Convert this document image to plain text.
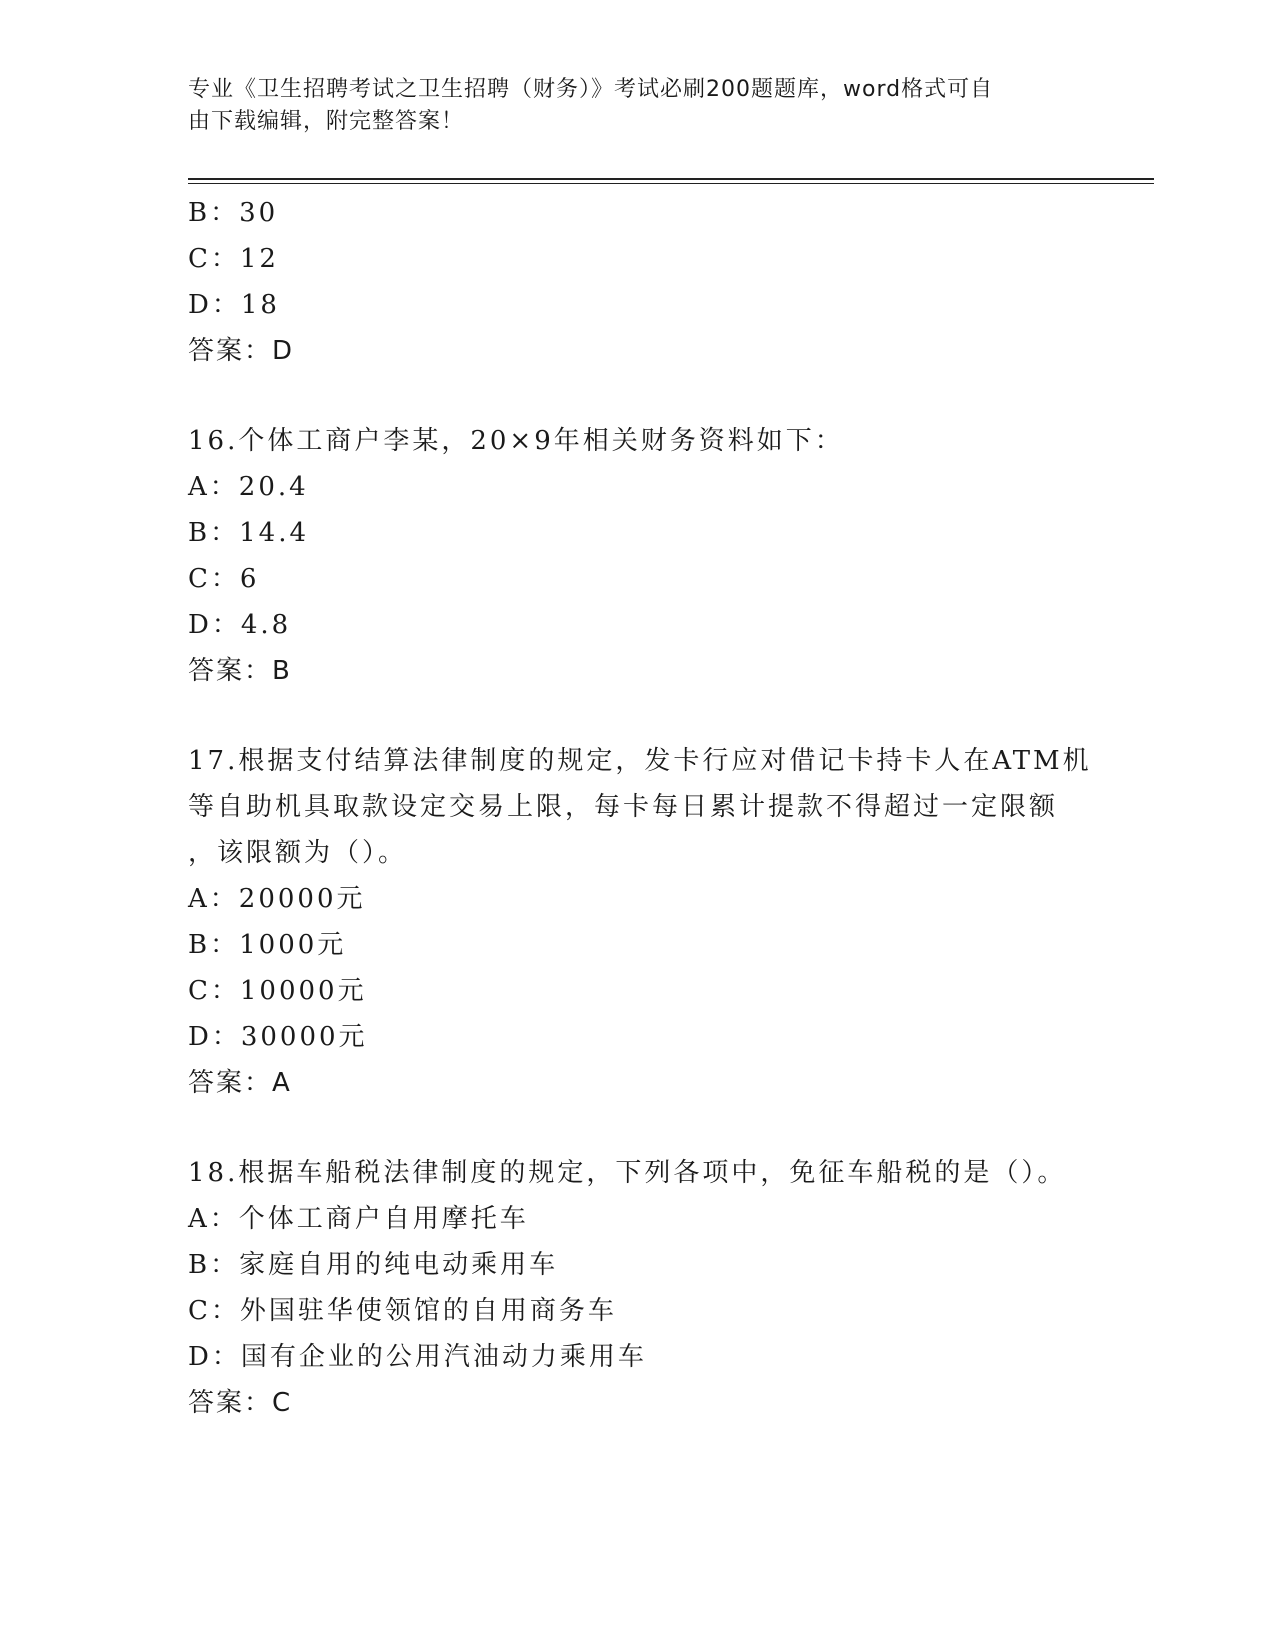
专业《卫生招聘考试之卫生招聘（财务）》考试必刷200题题库，word格式可自
由下载编辑，附完整答案！
B：30
C：12
D：18
答案：D
16.个体工商户李某，20×9年相关财务资料如下：
A：20.4
B：14.4
C：6
D：4.8
答案：B
17.根据支付结算法律制度的规定，发卡行应对借记卡持卡人在ATM机
等自助机具取款设定交易上限，每卡每日累计提款不得超过一定限额
，该限额为（）。
A：20000元
B：1000元
C：10000元
D：30000元
答案：A
18.根据车船税法律制度的规定，下列各项中，免征车船税的是（）。
A：个体工商户自用摩托车
B：家庭自用的纯电动乘用车
C：外国驻华使领馆的自用商务车
D：国有企业的公用汽油动力乘用车
答案：C
